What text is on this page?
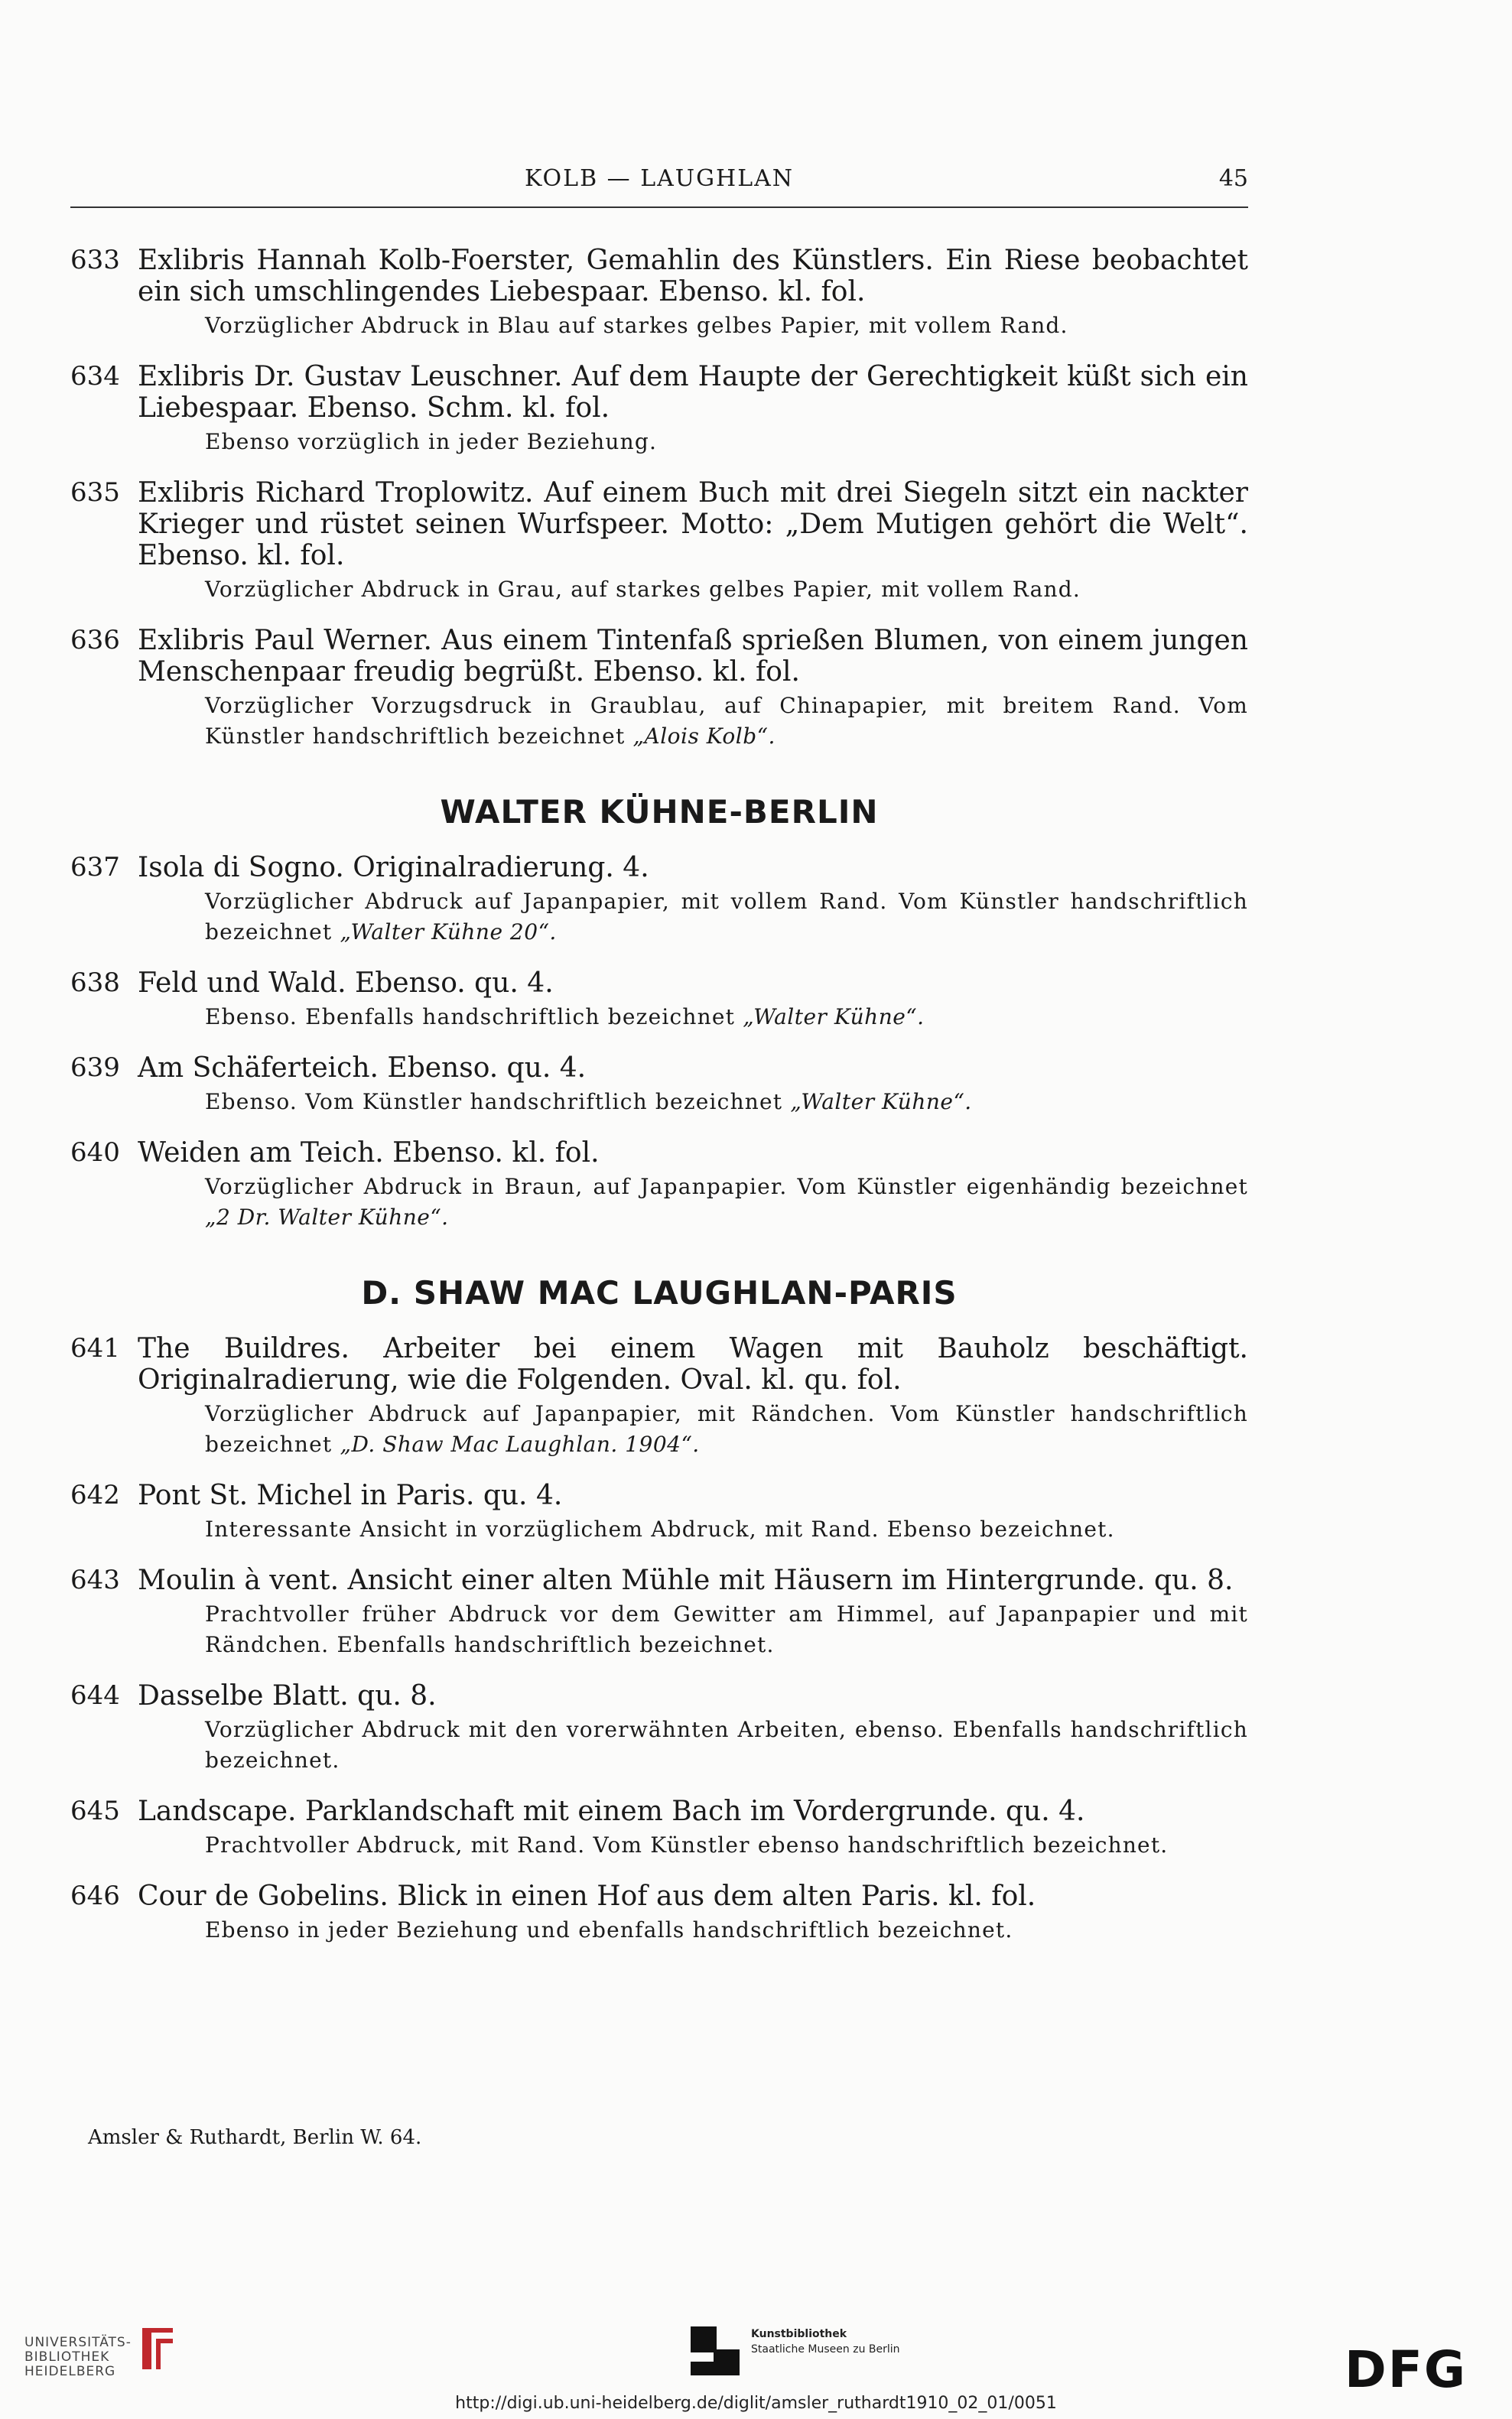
KOLB — LAUGHLAN	45
633 Exlibris Hannah Kolb-Foerster, Gemahlin des Künstlers. Ein Riese beobachtet ein sich umschlingendes Liebespaar. Ebenso. kl. fol.
Vorzüglicher Abdruck in Blau auf starkes gelbes Papier, mit vollem Rand.
634 Exlibris Dr. Gustav Leuschner. Auf dem Haupte der Gerechtigkeit küßt sich ein Liebespaar. Ebenso. Schm. kl. fol.
Ebenso vorzüglich in jeder Beziehung.
635 Exlibris Richard Troplowitz. Auf einem Buch mit drei Siegeln sitzt ein nackter Krieger und rüstet seinen Wurfspeer. Motto: „Dem Mutigen gehört die Welt“. Ebenso. kl. fol.
Vorzüglicher Abdruck in Grau, auf starkes gelbes Papier, mit vollem Rand.
636 Exlibris Paul Werner. Aus einem Tintenfaß sprießen Blumen, von einem jungen Menschenpaar freudig begrüßt. Ebenso. kl. fol.
Vorzüglicher Vorzugsdruck in Graublau, auf Chinapapier, mit breitem Rand. Vom Künstler handschriftlich bezeichnet „Alois Kolb“.
WALTER KÜHNE-BERLIN
637 Isola di Sogno. Originalradierung. 4.
Vorzüglicher Abdruck auf Japanpapier, mit vollem Rand. Vom Künstler handschriftlich bezeichnet „Walter Kühne 20“.
638 Feld und Wald. Ebenso. qu. 4.
Ebenso. Ebenfalls handschriftlich bezeichnet „Walter Kühne“.
639 Am Schäferteich. Ebenso. qu. 4.
Ebenso. Vom Künstler handschriftlich bezeichnet „Walter Kühne“.
640 Weiden am Teich. Ebenso. kl. fol.
Vorzüglicher Abdruck in Braun, auf Japanpapier. Vom Künstler eigenhändig bezeichnet „2 Dr. Walter Kühne“.
D. SHAW MAC LAUGHLAN-PARIS
641 The Buildres. Arbeiter bei einem Wagen mit Bauholz beschäftigt. Originalradierung, wie die Folgenden. Oval. kl. qu. fol.
Vorzüglicher Abdruck auf Japanpapier, mit Rändchen. Vom Künstler handschriftlich bezeichnet „D. Shaw Mac Laughlan. 1904“.
642 Pont St. Michel in Paris. qu. 4.
Interessante Ansicht in vorzüglichem Abdruck, mit Rand. Ebenso bezeichnet.
643 Moulin à vent. Ansicht einer alten Mühle mit Häusern im Hintergrunde. qu. 8.
Prachtvoller früher Abdruck vor dem Gewitter am Himmel, auf Japanpapier und mit Rändchen. Ebenfalls handschriftlich bezeichnet.
644 Dasselbe Blatt. qu. 8.
Vorzüglicher Abdruck mit den vorerwähnten Arbeiten, ebenso. Ebenfalls handschriftlich bezeichnet.
645 Landscape. Parklandschaft mit einem Bach im Vordergrunde. qu. 4.
Prachtvoller Abdruck, mit Rand. Vom Künstler ebenso handschriftlich bezeichnet.
646 Cour de Gobelins. Blick in einen Hof aus dem alten Paris. kl. fol.
Ebenso in jeder Beziehung und ebenfalls handschriftlich bezeichnet.
Amsler & Ruthardt, Berlin W. 64.
UNIVERSITÄTS-
BIBLIOTHEK
HEIDELBERG
Kunstbibliothek
Staatliche Museen zu Berlin	DFG
http://digi.ub.uni-heidelberg.de/diglit/amsler_ruthardt1910_02_01/0051
